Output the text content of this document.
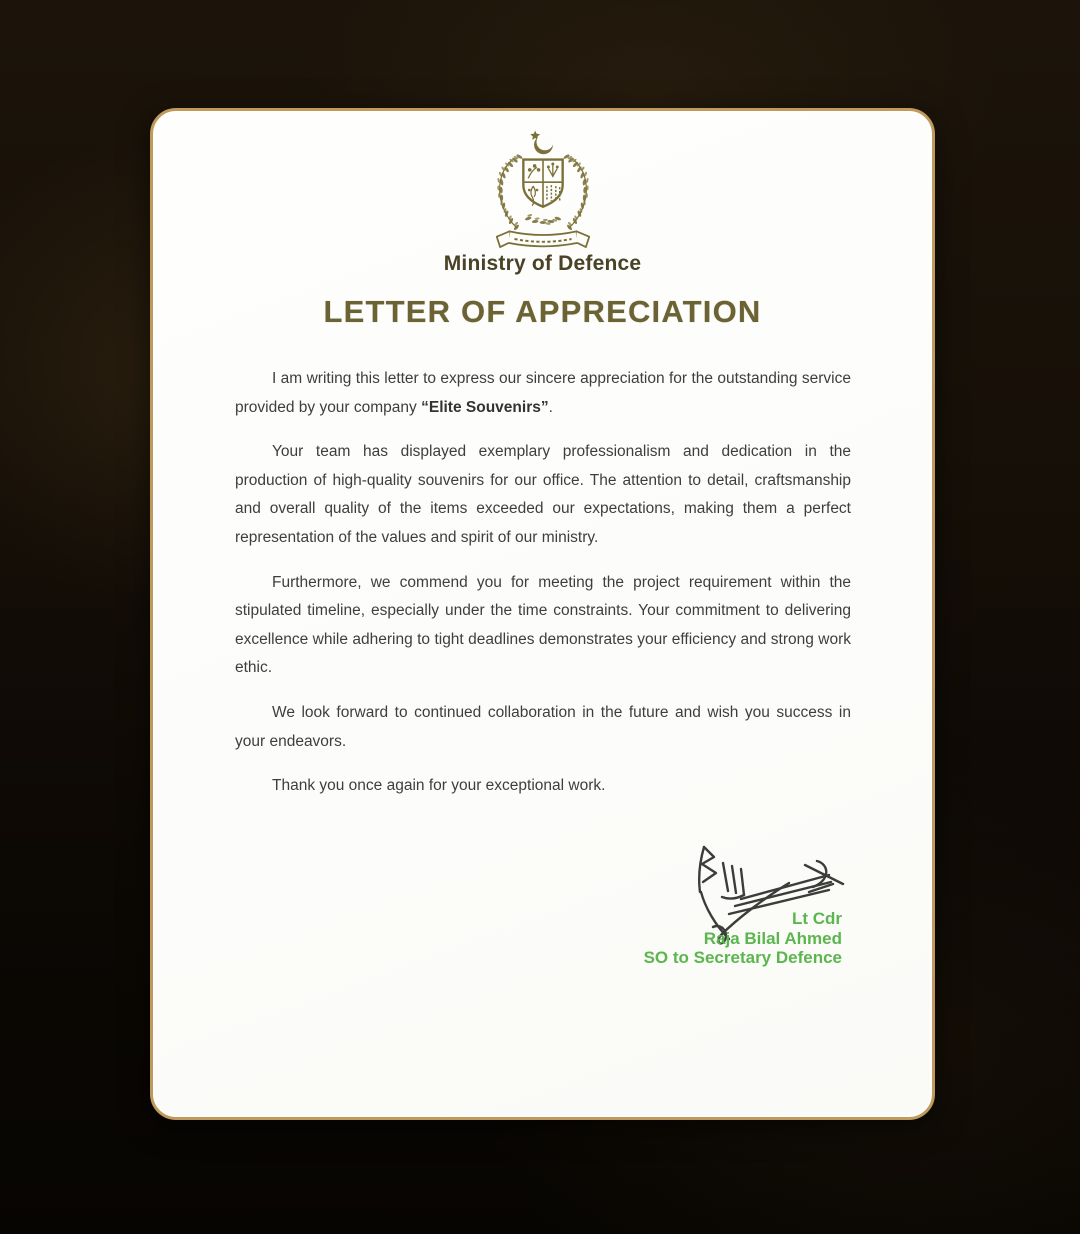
Ministry of Defence
LETTER OF APPRECIATION

I am writing this letter to express our sincere appreciation for the outstanding service provided by your company “Elite Souvenirs”.

Your team has displayed exemplary professionalism and dedication in the production of high-quality souvenirs for our office. The attention to detail, craftsmanship and overall quality of the items exceeded our expectations, making them a perfect representation of the values and spirit of our ministry.

Furthermore, we commend you for meeting the project requirement within the stipulated timeline, especially under the time constraints. Your commitment to delivering excellence while adhering to tight deadlines demonstrates your efficiency and strong work ethic.

We look forward to continued collaboration in the future and wish you success in your endeavors.

Thank you once again for your exceptional work.

Lt Cdr
Raja Bilal Ahmed
SO to Secretary Defence
